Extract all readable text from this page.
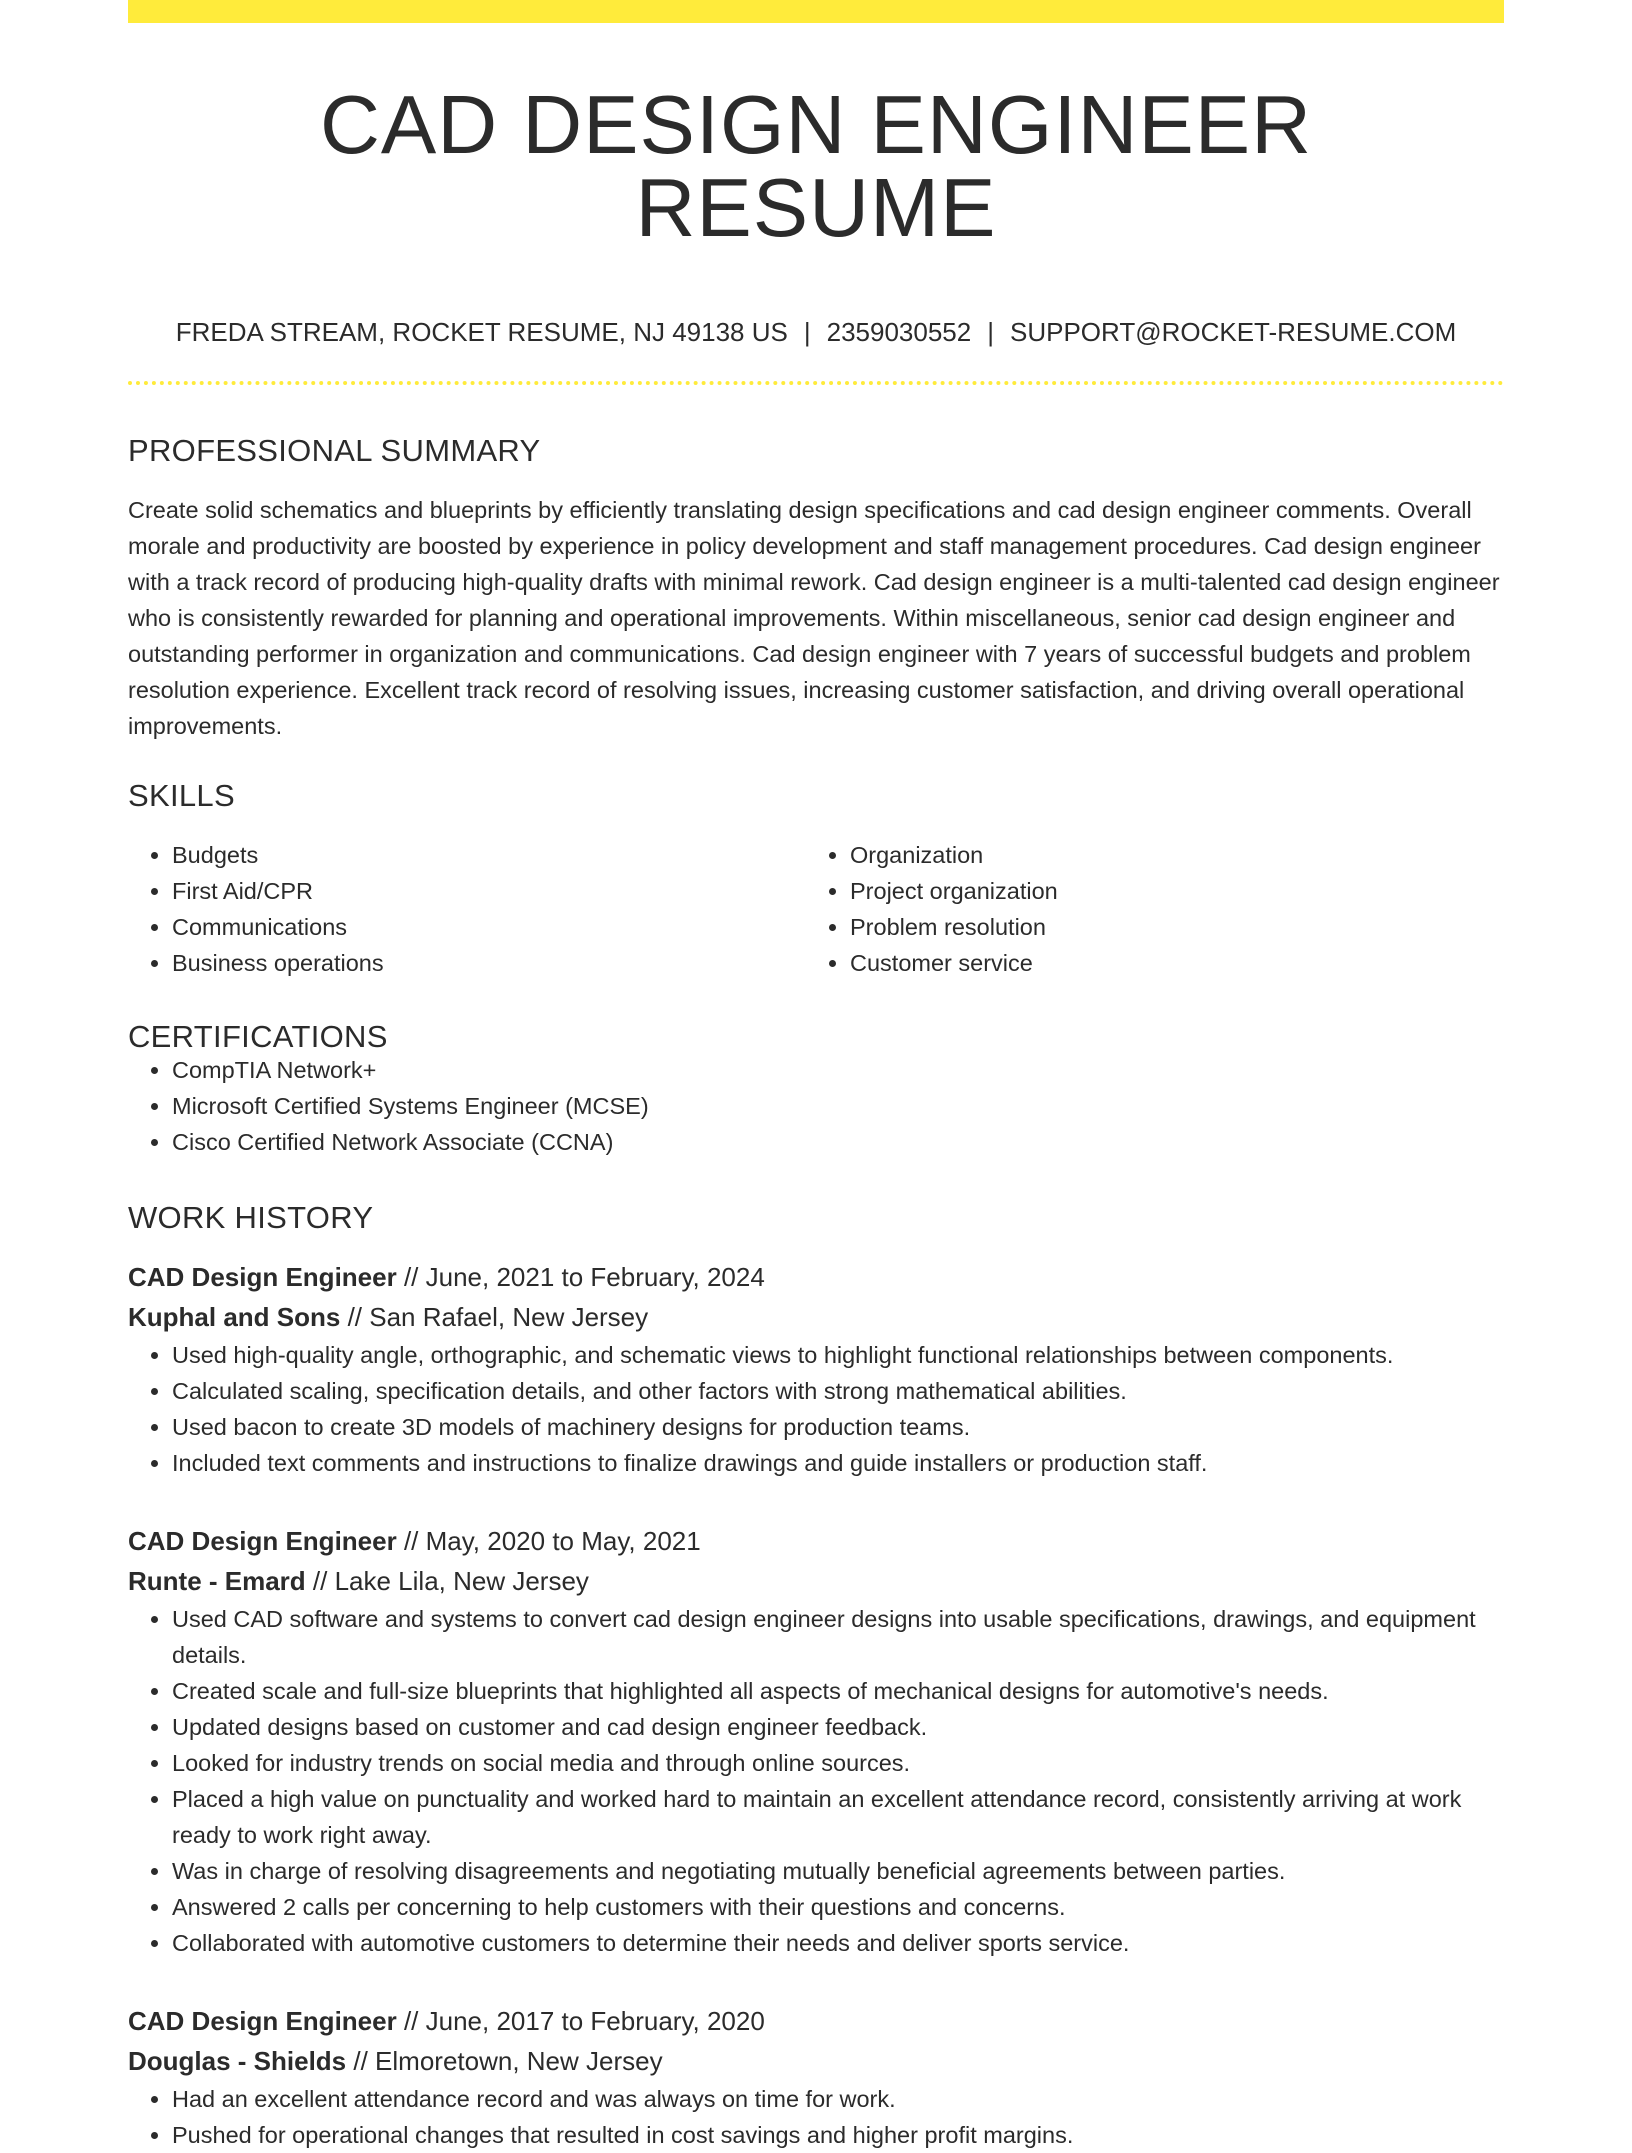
CAD DESIGN ENGINEER RESUME
FREDA STREAM, ROCKET RESUME, NJ 49138 US | 2359030552 | SUPPORT@ROCKET-RESUME.COM
PROFESSIONAL SUMMARY
Create solid schematics and blueprints by efficiently translating design specifications and cad design engineer comments. Overall morale and productivity are boosted by experience in policy development and staff management procedures. Cad design engineer with a track record of producing high-quality drafts with minimal rework. Cad design engineer is a multi-talented cad design engineer who is consistently rewarded for planning and operational improvements. Within miscellaneous, senior cad design engineer and outstanding performer in organization and communications. Cad design engineer with 7 years of successful budgets and problem resolution experience. Excellent track record of resolving issues, increasing customer satisfaction, and driving overall operational improvements.
SKILLS
• Budgets
• First Aid/CPR
• Communications
• Business operations
• Organization
• Project organization
• Problem resolution
• Customer service
CERTIFICATIONS
• CompTIA Network+
• Microsoft Certified Systems Engineer (MCSE)
• Cisco Certified Network Associate (CCNA)
WORK HISTORY
CAD Design Engineer // June, 2021 to February, 2024
Kuphal and Sons // San Rafael, New Jersey
• Used high-quality angle, orthographic, and schematic views to highlight functional relationships between components.
• Calculated scaling, specification details, and other factors with strong mathematical abilities.
• Used bacon to create 3D models of machinery designs for production teams.
• Included text comments and instructions to finalize drawings and guide installers or production staff.
CAD Design Engineer // May, 2020 to May, 2021
Runte - Emard // Lake Lila, New Jersey
• Used CAD software and systems to convert cad design engineer designs into usable specifications, drawings, and equipment details.
• Created scale and full-size blueprints that highlighted all aspects of mechanical designs for automotive's needs.
• Updated designs based on customer and cad design engineer feedback.
• Looked for industry trends on social media and through online sources.
• Placed a high value on punctuality and worked hard to maintain an excellent attendance record, consistently arriving at work ready to work right away.
• Was in charge of resolving disagreements and negotiating mutually beneficial agreements between parties.
• Answered 2 calls per concerning to help customers with their questions and concerns.
• Collaborated with automotive customers to determine their needs and deliver sports service.
CAD Design Engineer // June, 2017 to February, 2020
Douglas - Shields // Elmoretown, New Jersey
• Had an excellent attendance record and was always on time for work.
• Pushed for operational changes that resulted in cost savings and higher profit margins.
